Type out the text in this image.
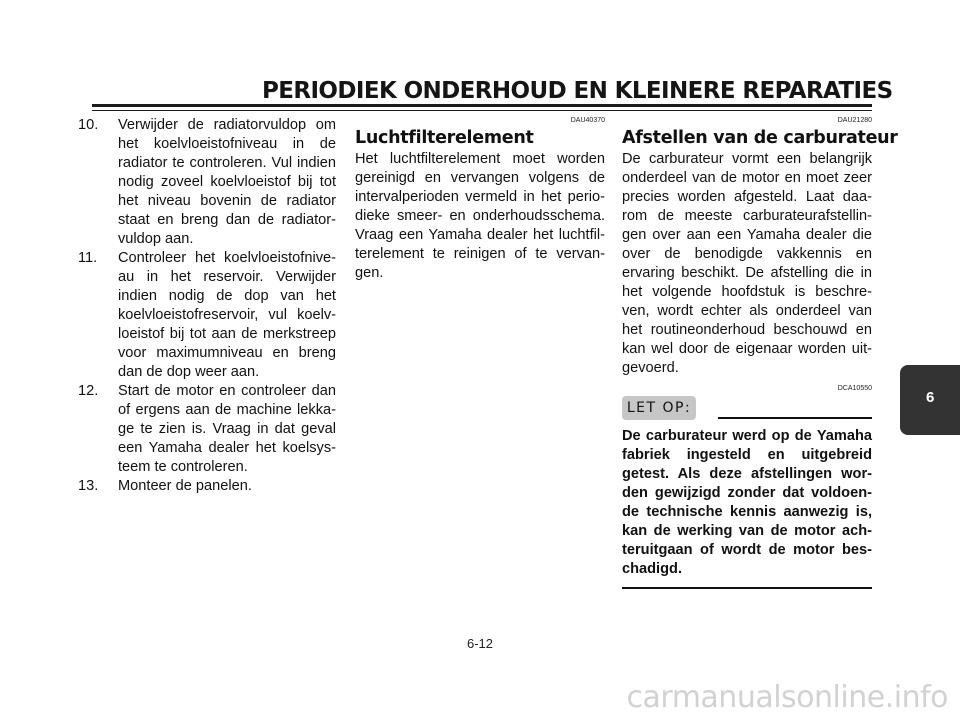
PERIODIEK ONDERHOUD EN KLEINERE REPARATIES
10. Verwijder de radiatorvuldop om het koelvloeistofniveau in de radiator te controleren. Vul indien nodig zoveel koelvloeistof bij tot het niveau bovenin de radiator staat en breng dan de radiator-vuldop aan.
11. Controleer het koelvloeistofnive-au in het reservoir. Verwijder indien nodig de dop van het koelvloeistofreservoir, vul koelv-loeistof bij tot aan de merkstreep voor maximumniveau en breng dan de dop weer aan.
12. Start de motor en controleer dan of ergens aan de machine lekka-ge te zien is. Vraag in dat geval een Yamaha dealer het koelsys-teem te controleren.
13. Monteer de panelen.
DAU40370
Luchtfilterelement

Het luchtfilterelement moet worden gereinigd en vervangen volgens de intervalperioden vermeld in het perio-dieke smeer- en onderhoudsschema. Vraag een Yamaha dealer het luchtfil-terelement te reinigen of te vervan-gen.

DAU21280
Afstellen van de carburateur

De carburateur vormt een belangrijk onderdeel van de motor en moet zeer precies worden afgesteld. Laat daa-rom de meeste carburateurafstellin-gen over aan een Yamaha dealer die over de benodigde vakkennis en ervaring beschikt. De afstelling die in het volgende hoofdstuk is beschre-ven, wordt echter als onderdeel van het routineonderhoud beschouwd en kan wel door de eigenaar worden uit-gevoerd.

DCA10550
LET OP:

De carburateur werd op de Yamaha fabriek ingesteld en uitgebreid getest. Als deze afstellingen wor-den gewijzigd zonder dat voldoen-de technische kennis aanwezig is, kan de werking van de motor ach-teruitgaan of wordt de motor bes-chadigd.

6
6-12
carmanualsonline.info
